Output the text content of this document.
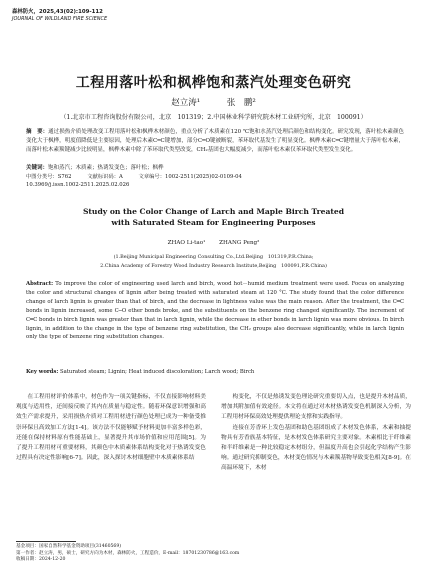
森林防火，2025,43(02):109-112
JOURNAL OF WILDLAND FIRE SCIENCE
工程用落叶松和枫桦饱和蒸汽处理变色研究
赵立涛¹	张　鹏²
（1.北京市工程咨询股份有限公司，北京　101319；2.中国林业科学研究院木材工业研究所，北京　100091）
摘　要：通过损热介质处理改变工程用落叶松和枫桦木材颜色，重点分析了木质素在120 ℃饱和水蒸汽处理后颜色和结构变化。研究发现，落叶松木素颜色变化大于枫桦，明度值降低是主要原因，处理后木素C═C键增加，部分C═O键被断裂，苯环取代基发生了明显变化。枫桦木素C═C键增量大于落叶松木素，而落叶松木素羰键减少比较明显，枫桦木素中除了苯环取代类型改变，CH₂基团也大幅度减少，而落叶松木素仅苯环取代类型发生变化。
关键词：饱和蒸汽；木质素；热诱发变色；落叶松；枫桦
中图分类号：S762	文献标识码：A	文章编号：1002-2511(2025)02-0109-04
10.3969/j.issn.1002-2511.2025.02.026
Study on the Color Change of Larch and Maple Birch Treated
with Saturated Steam for Engineering Purposes
ZHAO Li-tao¹ ZHANG Peng²
(1.Beijing Municipal Engineering Consulting Co.,Ltd.Beijing　101319,P.R.China;
2.China Academy of Forestry Wood Industry Research Institute,Beijing　100091,P.R.China)
Abstract: To improve the color of engineering used larch and birch, wood hot－humid medium treatment were used. Focus on analyzing the color and structural changes of lignin after being treated with saturated steam at 120 °C. The study found that the color difference change of larch lignin is greater than that of birch, and the decrease in lightness value was the main reason. After the treatment, the C═C bonds in lignin increased, some C─O ether bonds broke, and the substituents on the benzene ring changed significantly. The increment of C═C bonds in birch lignin was greater than that in larch lignin, while the decrease in ether bonds in larch lignin was more obvious. In birch lignin, in addition to the change in the type of benzene ring substitution, the CH₂ groups also decrease significantly, while in larch lignin only the type of benzene ring substitution changes.
Key words: Saturated steam; Lignin; Heat induced discoloration; Larch wood; Birch

在工程用材评价体系中，材色作为一项关键指标，不仅直接影响材料美观度与适用性，还间接反映了其内在质量与稳定性。随着环保意识增强和高效生产需求提升，采用损热介质对工程用材进行颜色处理已成为一种备受推崇环保且高效加工方法[1-4]。该方法不仅能够赋予材料更加丰富多样色彩，还能在保持材料原有性能基础上，显著提升其市场价值和应用范围[5]。为了提升工程用材可重要材料，其颜色中木质素体系结构变化对于热诱发变色过程具有决定性影响[6-7]。因此，深入探讨木材细胞壁中木质素体系结

构变化，不仅是热诱发变色理论研究重要切入点，也是提升木材品质，增加其附加值有效途径。本文将在通过对木材热诱发变色机制深入分析，为工程用材环保高效处理提供理论支撑和实践指导。

连接在芳香环上发色基团和助色基团组成了木材发色体系，木素和抽提物具有芳香族基本特征，是木材发色体系研究主要对象。木素相比于纤维素和半纤维素是一种比较稳定木材组分，但温度升高也会引起化学结构产生影响。通过研究抑制变色，木材变色情况与木素羰基物导致变色相关[8-9]。在高温环境下，木材

基金项目：国家自然科学基金资助项目(31460569)
第一作者：赵立涛，男，硕士，研究方向为木材，森林防火，工程造价，E-mail：18701230786@163.com
收稿日期：2024-12-20
